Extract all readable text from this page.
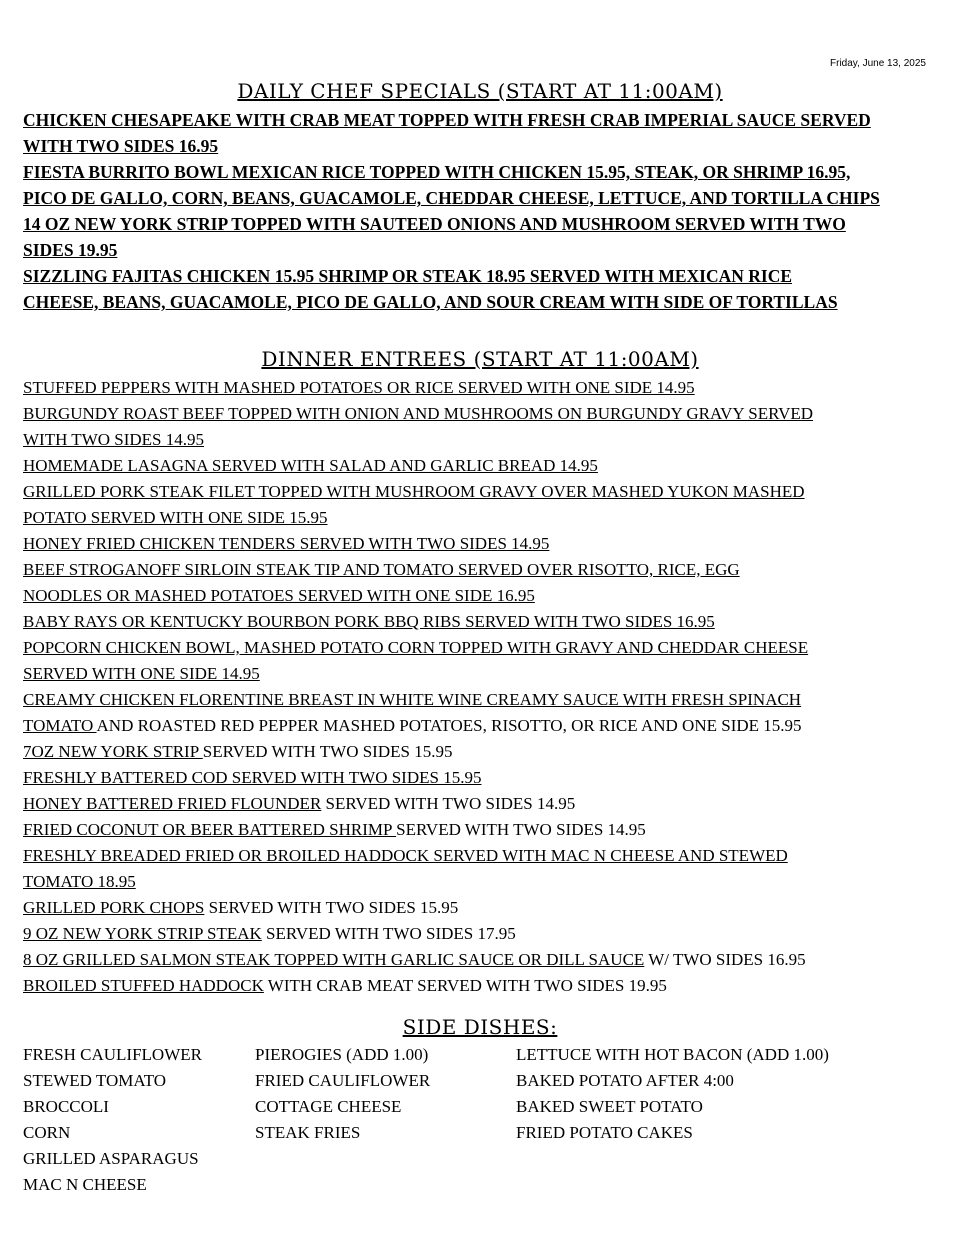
Friday, June 13, 2025
DAILY CHEF SPECIALS (START AT 11:00AM)
CHICKEN CHESAPEAKE WITH CRAB MEAT TOPPED WITH FRESH CRAB IMPERIAL SAUCE SERVED
WITH TWO SIDES 16.95
FIESTA BURRITO BOWL MEXICAN RICE TOPPED WITH CHICKEN 15.95, STEAK, OR SHRIMP 16.95,
PICO DE GALLO, CORN, BEANS, GUACAMOLE, CHEDDAR CHEESE, LETTUCE, AND TORTILLA CHIPS
14 OZ NEW YORK STRIP TOPPED WITH SAUTEED ONIONS AND MUSHROOM SERVED WITH TWO
SIDES 19.95
SIZZLING FAJITAS CHICKEN 15.95 SHRIMP OR STEAK 18.95 SERVED WITH MEXICAN RICE
CHEESE, BEANS, GUACAMOLE, PICO DE GALLO, AND SOUR CREAM WITH SIDE OF TORTILLAS
DINNER ENTREES (START AT 11:00AM)
STUFFED PEPPERS WITH MASHED POTATOES OR RICE SERVED WITH ONE SIDE 14.95
BURGUNDY ROAST BEEF TOPPED WITH ONION AND MUSHROOMS ON BURGUNDY GRAVY SERVED
WITH TWO SIDES 14.95
HOMEMADE LASAGNA SERVED WITH SALAD AND GARLIC BREAD 14.95
GRILLED PORK STEAK FILET TOPPED WITH MUSHROOM GRAVY OVER MASHED YUKON MASHED
POTATO SERVED WITH ONE SIDE 15.95
HONEY FRIED CHICKEN TENDERS SERVED WITH TWO SIDES 14.95
BEEF STROGANOFF SIRLOIN STEAK TIP AND TOMATO SERVED OVER RISOTTO, RICE, EGG
NOODLES OR MASHED POTATOES SERVED WITH ONE SIDE 16.95
BABY RAYS OR KENTUCKY BOURBON PORK BBQ RIBS SERVED WITH TWO SIDES 16.95
POPCORN CHICKEN BOWL, MASHED POTATO CORN TOPPED WITH GRAVY AND CHEDDAR CHEESE
SERVED WITH ONE SIDE 14.95
CREAMY CHICKEN FLORENTINE BREAST IN WHITE WINE CREAMY SAUCE WITH FRESH SPINACH
TOMATO AND ROASTED RED PEPPER MASHED POTATOES, RISOTTO, OR RICE AND ONE SIDE 15.95
7OZ NEW YORK STRIP SERVED WITH TWO SIDES 15.95
FRESHLY BATTERED COD SERVED WITH TWO SIDES 15.95
HONEY BATTERED FRIED FLOUNDER SERVED WITH TWO SIDES 14.95
FRIED COCONUT OR BEER BATTERED SHRIMP SERVED WITH TWO SIDES 14.95
FRESHLY BREADED FRIED OR BROILED HADDOCK SERVED WITH MAC N CHEESE AND STEWED
TOMATO 18.95
GRILLED PORK CHOPS SERVED WITH TWO SIDES 15.95
9 OZ NEW YORK STRIP STEAK SERVED WITH TWO SIDES 17.95
8 OZ GRILLED SALMON STEAK TOPPED WITH GARLIC SAUCE OR DILL SAUCE W/ TWO SIDES 16.95
BROILED STUFFED HADDOCK WITH CRAB MEAT SERVED WITH TWO SIDES 19.95
SIDE DISHES:
FRESH CAULIFLOWER
STEWED TOMATO
BROCCOLI
CORN
GRILLED ASPARAGUS
MAC N CHEESE
PIEROGIES (ADD 1.00)
FRIED CAULIFLOWER
COTTAGE CHEESE
STEAK FRIES
LETTUCE WITH HOT BACON (ADD 1.00)
BAKED POTATO AFTER 4:00
BAKED SWEET POTATO
FRIED POTATO CAKES
